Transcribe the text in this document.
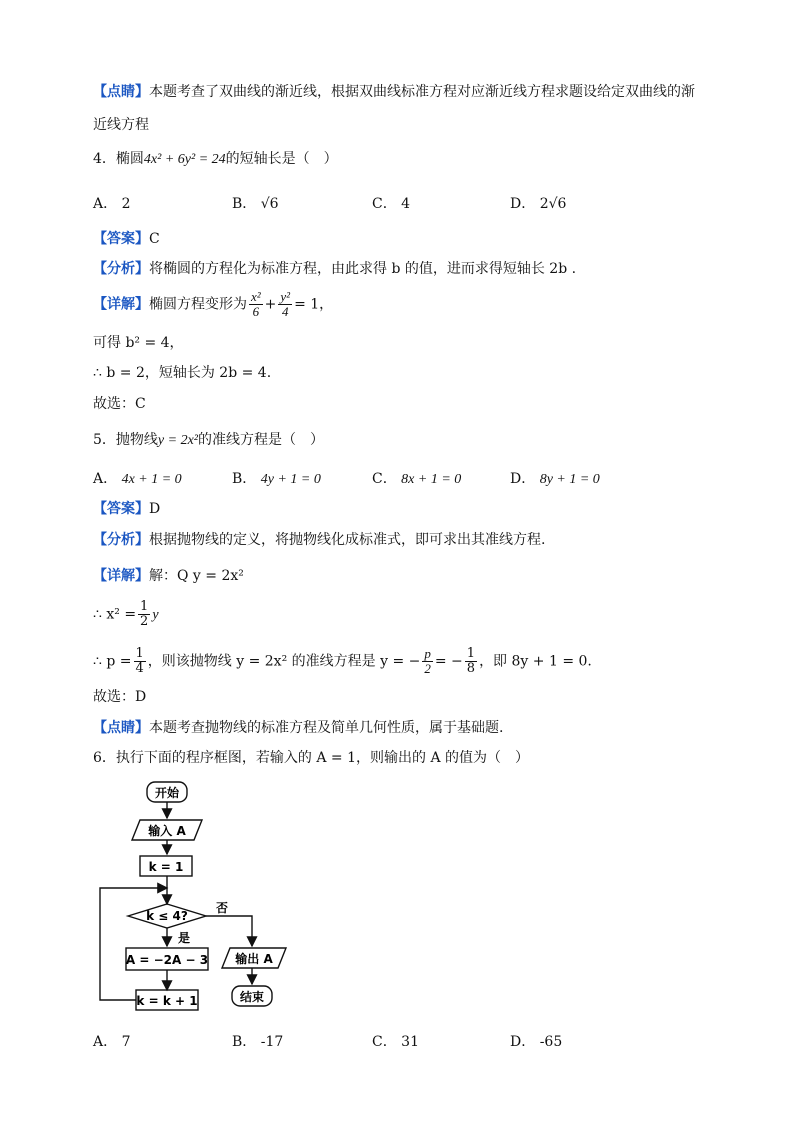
【点睛】本题考查了双曲线的渐近线，根据双曲线标准方程对应渐近线方程求题设给定双曲线的渐
近线方程
4．椭圆4x² + 6y² = 24的短轴长是（　）
A． 2	B． √6	C． 4	D． 2√6
【答案】C
【分析】将椭圆的方程化为标准方程，由此求得 b 的值，进而求得短轴长 2b .
【详解】椭圆方程变形为 $\frac{\text{x²}}{6} + \frac{\text{y²}}{4} = 1$，
可得 b² = 4，
∴ b = 2，短轴长为 2b = 4.
故选：C
5．抛物线y = 2x²的准线方程是（　）
A． 4x + 1 = 0	B． 4y + 1 = 0	C． 8x + 1 = 0	D． 8y + 1 = 0
【答案】D
【分析】根据抛物线的定义，将抛物线化成标准式，即可求出其准线方程.
【详解】解：Q y = 2x²
∴ $x^2 = \frac{1}{2}$ y
∴ $p = \frac{1}{4}$ ，则该抛物线 y = 2x² 的准线方程是 y = − $\frac{p}{2}$ = − $\frac{1}{8}$ ，即 8y + 1 = 0.
故选：D
【点睛】本题考查抛物线的标准方程及简单几何性质，属于基础题.
6．执行下面的程序框图，若输入的 A = 1，则输出的 A 的值为（　）
开始
输入 A
k = 1
k ≤ 4?
是
否
A = −2A − 3
k = k + 1
输出 A
结束
A． 7	B． -17	C． 31	D． -65
